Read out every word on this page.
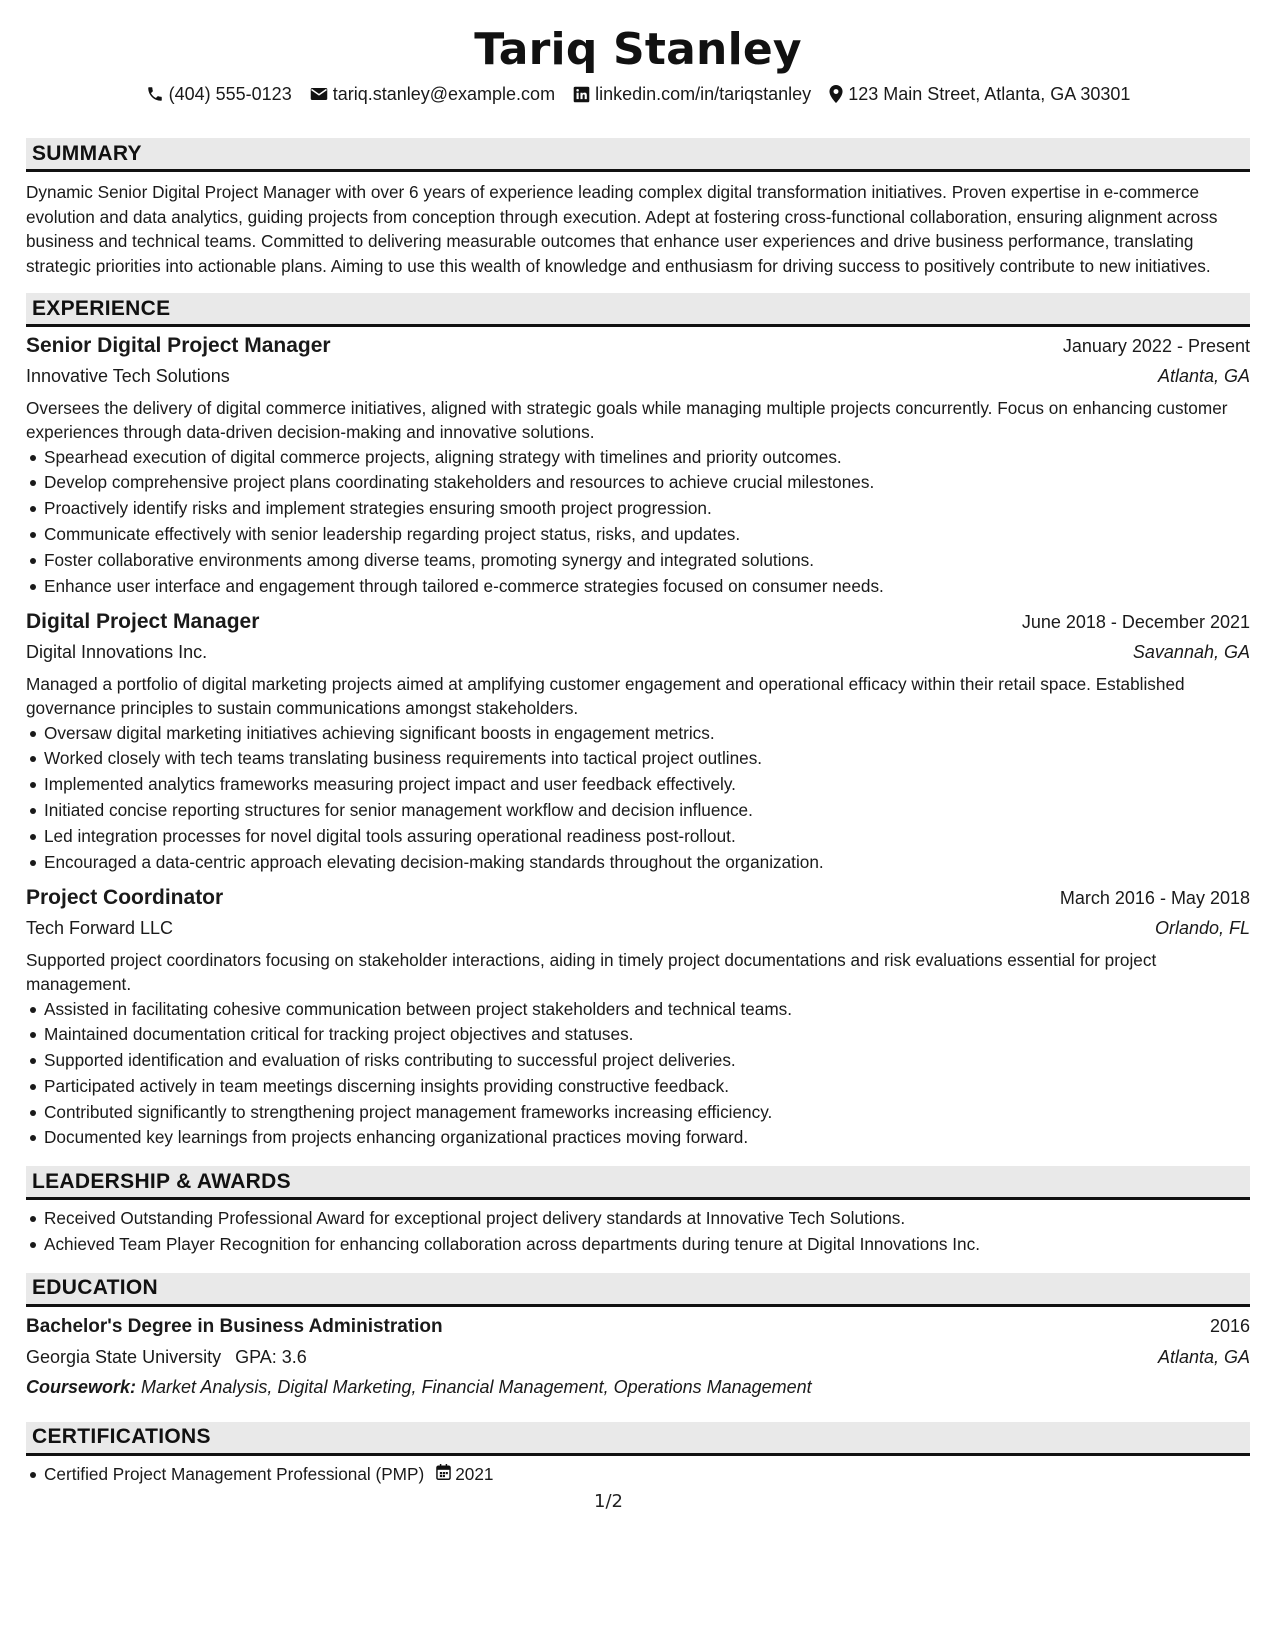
Tariq Stanley
(404) 555-0123 tariq.stanley@example.com linkedin.com/in/tariqstanley 123 Main Street, Atlanta, GA 30301
SUMMARY

Dynamic Senior Digital Project Manager with over 6 years of experience leading complex digital transformation initiatives. Proven expertise in e-commerce evolution and data analytics, guiding projects from conception through execution. Adept at fostering cross-functional collaboration, ensuring alignment across business and technical teams. Committed to delivering measurable outcomes that enhance user experiences and drive business performance, translating strategic priorities into actionable plans. Aiming to use this wealth of knowledge and enthusiasm for driving success to positively contribute to new initiatives.

EXPERIENCE
Senior Digital Project Manager	January 2022 - Present
Innovative Tech Solutions	Atlanta, GA
Oversees the delivery of digital commerce initiatives, aligned with strategic goals while managing multiple projects concurrently. Focus on enhancing customer experiences through data-driven decision-making and innovative solutions.
Spearhead execution of digital commerce projects, aligning strategy with timelines and priority outcomes.
Develop comprehensive project plans coordinating stakeholders and resources to achieve crucial milestones.
Proactively identify risks and implement strategies ensuring smooth project progression.
Communicate effectively with senior leadership regarding project status, risks, and updates.
Foster collaborative environments among diverse teams, promoting synergy and integrated solutions.
Enhance user interface and engagement through tailored e-commerce strategies focused on consumer needs.
Digital Project Manager	June 2018 - December 2021
Digital Innovations Inc.	Savannah, GA
Managed a portfolio of digital marketing projects aimed at amplifying customer engagement and operational efficacy within their retail space. Established governance principles to sustain communications amongst stakeholders.
Oversaw digital marketing initiatives achieving significant boosts in engagement metrics.
Worked closely with tech teams translating business requirements into tactical project outlines.
Implemented analytics frameworks measuring project impact and user feedback effectively.
Initiated concise reporting structures for senior management workflow and decision influence.
Led integration processes for novel digital tools assuring operational readiness post-rollout.
Encouraged a data-centric approach elevating decision-making standards throughout the organization.
Project Coordinator	March 2016 - May 2018
Tech Forward LLC	Orlando, FL
Supported project coordinators focusing on stakeholder interactions, aiding in timely project documentations and risk evaluations essential for project management.
Assisted in facilitating cohesive communication between project stakeholders and technical teams.
Maintained documentation critical for tracking project objectives and statuses.
Supported identification and evaluation of risks contributing to successful project deliveries.
Participated actively in team meetings discerning insights providing constructive feedback.
Contributed significantly to strengthening project management frameworks increasing efficiency.
Documented key learnings from projects enhancing organizational practices moving forward.
LEADERSHIP & AWARDS
Received Outstanding Professional Award for exceptional project delivery standards at Innovative Tech Solutions.
Achieved Team Player Recognition for enhancing collaboration across departments during tenure at Digital Innovations Inc.
EDUCATION
Bachelor's Degree in Business Administration	2016
Georgia State University GPA: 3.6	Atlanta, GA
Coursework: Market Analysis, Digital Marketing, Financial Management, Operations Management
CERTIFICATIONS
Certified Project Management Professional (PMP) 2021
1/2
